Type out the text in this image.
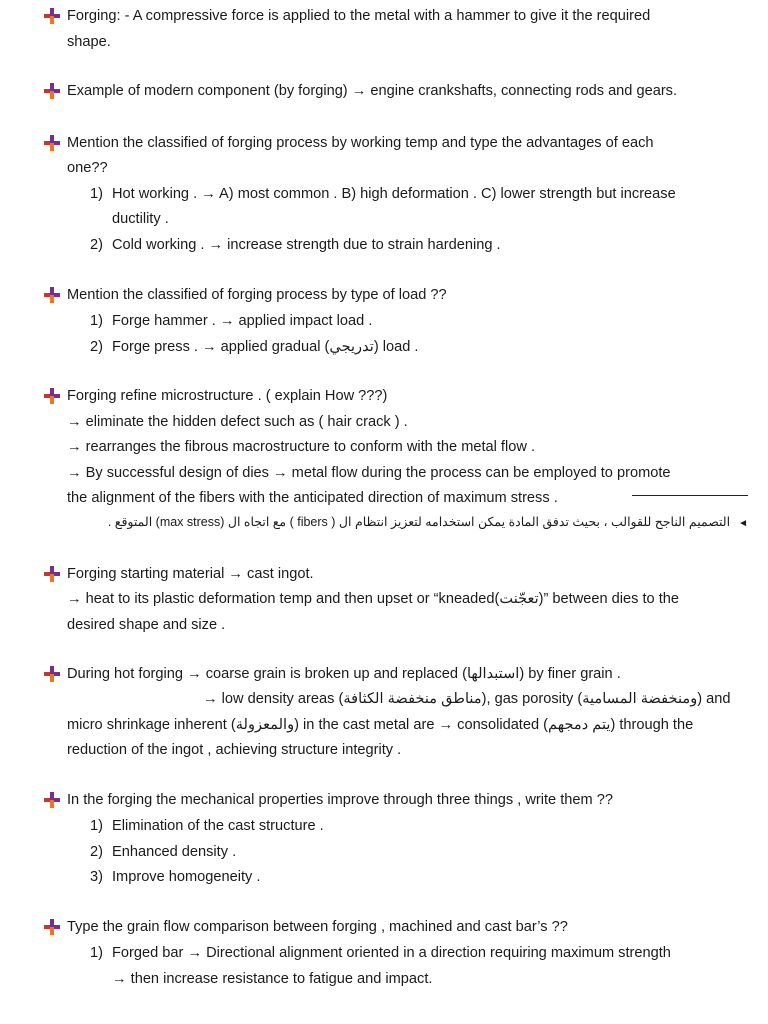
Forging: - A compressive force is applied to the metal with a hammer to give it the required
shape.
Example of modern component (by forging) → engine crankshafts, connecting rods and gears.
Mention the classified of forging process by working temp and type the advantages of each
one??
1) Hot working . → A) most common . B) high deformation . C) lower strength but increase
ductility .
2) Cold working . → increase strength due to strain hardening .
Mention the classified of forging process by type of load ??
1) Forge hammer . → applied impact load .
2) Forge press . → applied gradual (تدريجي) load .
Forging refine microstructure . ( explain How ???)
→ eliminate the hidden defect such as ( hair crack ) .
→ rearranges the fibrous macrostructure to conform with the metal flow .
→ By successful design of dies → metal flow during the process can be employed to promote
the alignment of the fibers with the anticipated direction of maximum stress .
◄التصميم الناجح للقوالب ، بحيث تدفق المادة يمكن استخدامه لتعزيز انتظام ال ( fibers ) مع اتجاه ال (max stress) المتوقع .
Forging starting material → cast ingot.
→ heat to its plastic deformation temp and then upset or “kneaded(تعجّنت)” between dies to the
desired shape and size .
During hot forging → coarse grain is broken up and replaced (استبدالها) by finer grain .
→ low density areas (مناطق منخفضة الكثافة), gas porosity (ومنخفضة المسامية) and
micro shrinkage inherent (والمعزولة) in the cast metal are → consolidated (يتم دمجهم) through the
reduction of the ingot , achieving structure integrity .
In the forging the mechanical properties improve through three things , write them ??
1) Elimination of the cast structure .
2) Enhanced density .
3) Improve homogeneity .
Type the grain flow comparison between forging , machined and cast bar’s ??
1) Forged bar → Directional alignment oriented in a direction requiring maximum strength
→ then increase resistance to fatigue and impact.
